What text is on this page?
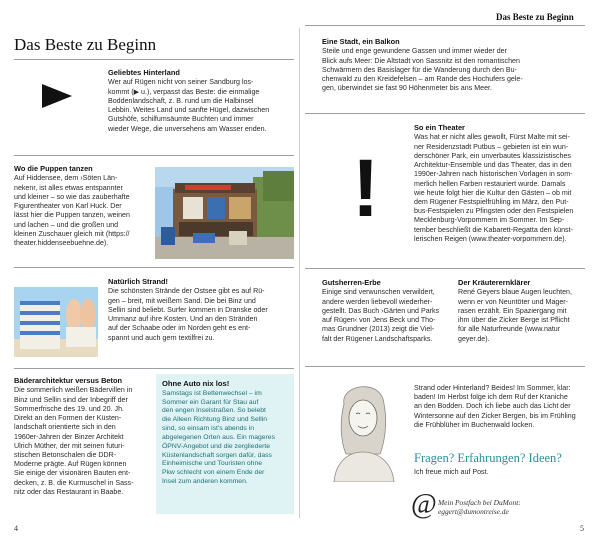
Das Beste zu Beginn
Das Beste zu Beginn
Geliebtes Hinterland
Wer auf Rügen nicht von seiner Sandburg los-
kommt (▶ u.), verpasst das Beste: die einmalige
Boddenlandschaft, z. B. rund um die Halbinsel
Lebbin. Weites Land und sanfte Hügel, dazwischen
Gutshöfe, schilfumsäumte Buchten und immer
wieder Wege, die unversehens am Wasser enden.
Wo die Puppen tanzen
Auf Hiddensee, dem ›Söten Län-
nekenr, ist alles etwas entspannter
und kleiner – so wie das zauberhafte
Figurentheater von Karl Huck. Der
lässt hier die Puppen tanzen, weinen
und lachen – und die großen und
kleinen Zuschauer gleich mit (https://
theater.hiddenseebuehne.de).
Natürlich Strand!
Die schönsten Strände der Ostsee gibt es auf Rü-
gen – breit, mit weißem Sand. Die bei Binz und
Sellin sind beliebt. Surfer kommen in Dranske oder
Ummanz auf ihre Kosten. Und an den Stränden
auf der Schaabe oder im Norden geht es ent-
spannt und auch gern textilfrei zu.
Bäderarchitektur versus Beton
Die sommerlich weißen Bädervillen in
Binz und Sellin sind der Inbegriff der
Sommerfrische des 19. und 20. Jh.
Direkt an den Formen der Küsten-
landschaft orientierte sich in den
1960er-Jahren der Binzer Architekt
Ulrich Müther, der mit seinen futuri-
stischen Betonschalen die DDR-
Moderne prägte. Auf Rügen können
Sie einige der visionären Bauten ent-
decken, z. B. die Kurmuschel in Sass-
nitz oder das Restaurant in Baabe.
Ohne Auto nix los!
Samstags ist Bettenwechsel – im
Sommer ein Garant für Stau auf
den engen Inselstraßen. So belebt
die Alleen Richtung Binz und Sellin
sind, so einsam ist's abends in
abgelegenen Orten aus. Ein mageres
ÖPNV-Angebot und die zergliederte
Küstenlandschaft sorgen dafür, dass
Einheimische und Touristen ohne
Pkw schlecht von einem Ende der
Insel zum anderen kommen.
4	5
Eine Stadt, ein Balkon
Steile und enge gewundene Gassen und immer wieder der
Blick aufs Meer: Die Altstadt von Sassnitz ist den romantischen
Schwärmern des Basislager für die Wanderung durch den Bu-
chenwald zu den Kreidefelsen – am Rande des Hochufers gele-
gen, überwindet sie fast 90 Höhenmeter bis ans Meer.
!
So ein Theater
Was hat er nicht alles gewollt, Fürst Malte mit sei-
ner Residenzstadt Putbus – gebieten ist ein wun-
derschöner Park, ein unverbautes klassizistisches
Architektur-Ensemble und das Theater, das in den
1990er-Jahren nach historischen Vorlagen in som-
merlich hellen Farben restauriert wurde. Damals
wie heute folgt hier die Kultur den Gästen – ob mit
dem Rügener Festspielfrühling im März, den Put-
bus-Festspielen zu Pfingsten oder den Festspielen
Mecklenburg-Vorpommern im Sommer. Im Sep-
tember beschließt die Kabarett-Regatta den künst-
lerischen Reigen (www.theater-vorpommern.de).
Gutsherren-Erbe
Einige sind verwunschen verwildert,
andere werden liebevoll wiederher-
gestellt. Das Buch ›Gärten und Parks
auf Rügen‹ von Jens Beck und Tho-
mas Grundner (2013) zeigt die Viel-
falt der Rügener Landschaftsparks.
Der Kräuterernklärer
René Geyers blaue Augen leuchten,
wenn er von Neuntöter und Mager-
rasen erzählt. Ein Spaziergang mit
ihm über die Zicker Berge ist Pflicht
für alle Naturfreunde (www.natur
geyer.de).
Strand oder Hinterland? Beides! Im Sommer, klar:
baden! Im Herbst folge ich dem Ruf der Kraniche
an den Bodden. Doch ich liebe auch das Licht der
Wintersonne auf den Zicker Bergen, bis im Frühling
die Frühblüher im Buchenwald locken.
Fragen? Erfahrungen? Ideen?
Ich freue mich auf Post.
@ Mein Postfach bei DuMont:
eggert@dumontreise.de
